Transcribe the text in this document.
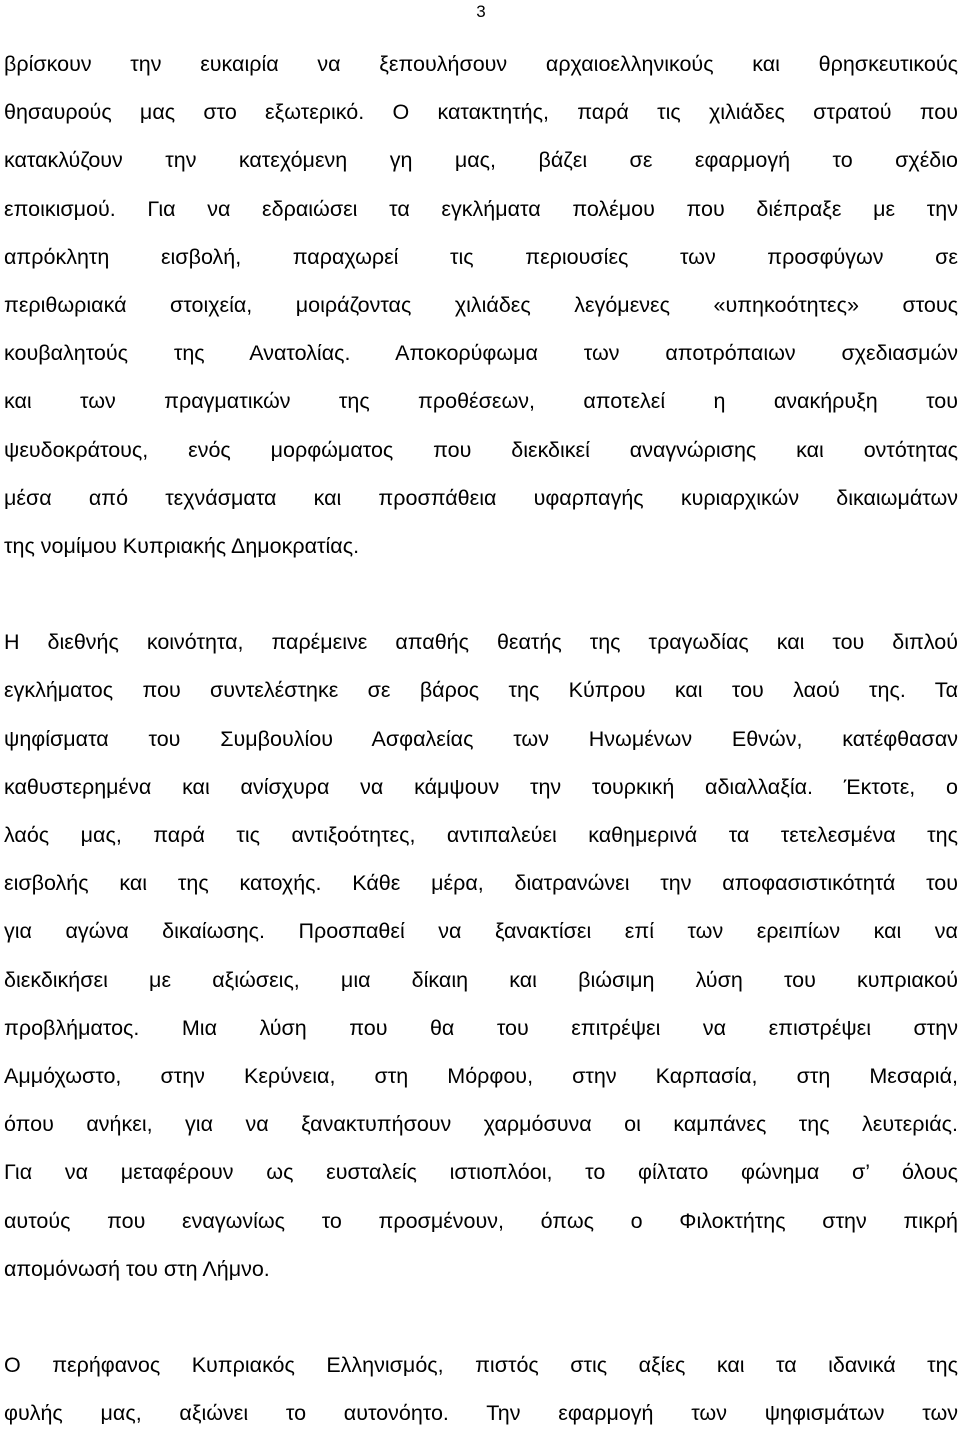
3
βρίσκουν την ευκαιρία να ξεπουλήσουν αρχαιοελληνικούς και θρησκευτικούς
θησαυρούς μας στο εξωτερικό. Ο κατακτητής, παρά τις χιλιάδες στρατού που
κατακλύζουν την κατεχόμενη γη μας, βάζει σε εφαρμογή το σχέδιο
εποικισμού. Για να εδραιώσει τα εγκλήματα πολέμου που διέπραξε με την
απρόκλητη εισβολή, παραχωρεί τις περιουσίες των προσφύγων σε
περιθωριακά στοιχεία, μοιράζοντας χιλιάδες λεγόμενες «υπηκοότητες» στους
κουβαλητούς της Ανατολίας. Αποκορύφωμα των αποτρόπαιων σχεδιασμών
και των πραγματικών της προθέσεων, αποτελεί η ανακήρυξη του
ψευδοκράτους, ενός μορφώματος που διεκδικεί αναγνώρισης και οντότητας
μέσα από τεχνάσματα και προσπάθεια υφαρπαγής κυριαρχικών δικαιωμάτων
της νομίμου Κυπριακής Δημοκρατίας.
Η διεθνής κοινότητα, παρέμεινε απαθής θεατής της τραγωδίας και του διπλού
εγκλήματος που συντελέστηκε σε βάρος της Κύπρου και του λαού της. Τα
ψηφίσματα του Συμβουλίου Ασφαλείας των Ηνωμένων Εθνών, κατέφθασαν
καθυστερημένα και ανίσχυρα να κάμψουν την τουρκική αδιαλλαξία. Έκτοτε, ο
λαός μας, παρά τις αντιξοότητες, αντιπαλεύει καθημερινά τα τετελεσμένα της
εισβολής και της κατοχής. Κάθε μέρα, διατρανώνει την αποφασιστικότητά του
για αγώνα δικαίωσης. Προσπαθεί να ξανακτίσει επί των ερειπίων και να
διεκδικήσει με αξιώσεις, μια δίκαιη και βιώσιμη λύση του κυπριακού
προβλήματος. Μια λύση που θα του επιτρέψει να επιστρέψει στην
Αμμόχωστο, στην Κερύνεια, στη Μόρφου, στην Καρπασία, στη Μεσαριά,
όπου ανήκει, για να ξανακτυπήσουν χαρμόσυνα οι καμπάνες της λευτεριάς.
Για να μεταφέρουν ως ευσταλείς ιστιοπλόοι, το φίλτατο φώνημα σ’ όλους
αυτούς που εναγωνίως το προσμένουν, όπως ο Φιλοκτήτης στην πικρή
απομόνωσή του στη Λήμνο.
Ο περήφανος Κυπριακός Ελληνισμός, πιστός στις αξίες και τα ιδανικά της
φυλής μας, αξιώνει το αυτονόητο. Την εφαρμογή των ψηφισμάτων των
